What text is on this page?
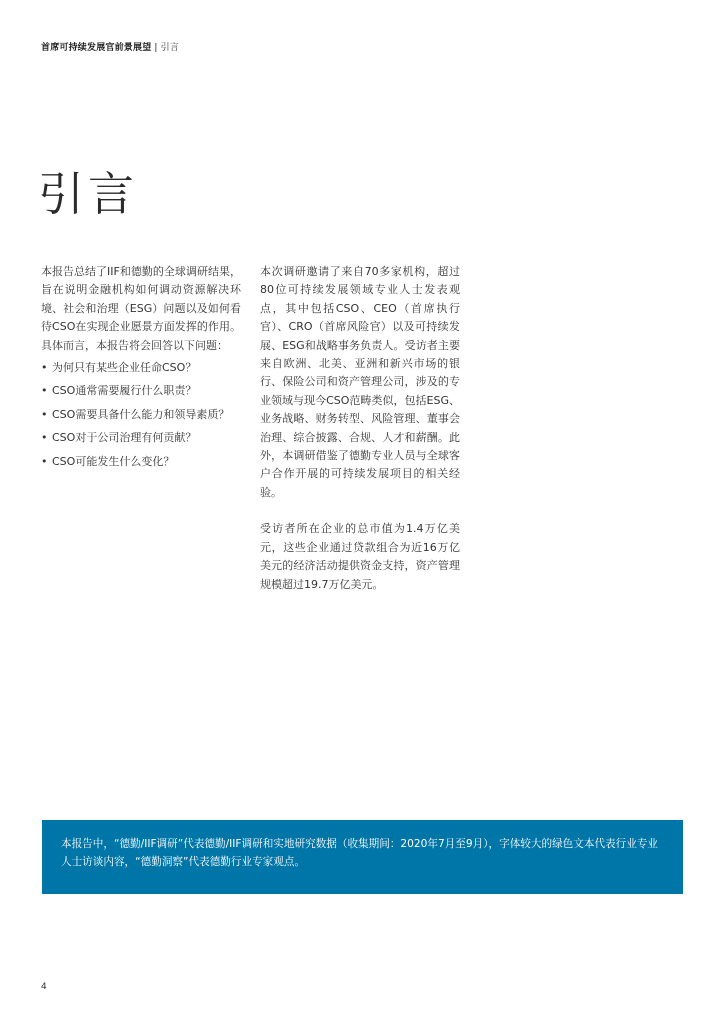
首席可持续发展官前景展望 | 引言
引言

本报告总结了IIF和德勤的全球调研结果，旨在说明金融机构如何调动资源解决环境、社会和治理（ESG）问题以及如何看待CSO在实现企业愿景方面发挥的作用。具体而言，本报告将会回答以下问题：

• 为何只有某些企业任命CSO？
• CSO通常需要履行什么职责？
• CSO需要具备什么能力和领导素质？
• CSO对于公司治理有何贡献？
• CSO可能发生什么变化？

本次调研邀请了来自70多家机构，超过80位可持续发展领域专业人士发表观点，其中包括CSO、CEO（首席执行官）、CRO（首席风险官）以及可持续发展、ESG和战略事务负责人。受访者主要来自欧洲、北美、亚洲和新兴市场的银行、保险公司和资产管理公司，涉及的专业领域与现今CSO范畴类似，包括ESG、业务战略、财务转型、风险管理、董事会治理、综合披露、合规、人才和薪酬。此外，本调研借鉴了德勤专业人员与全球客户合作开展的可持续发展项目的相关经验。

受访者所在企业的总市值为1.4万亿美元，这些企业通过贷款组合为近16万亿美元的经济活动提供资金支持，资产管理规模超过19.7万亿美元。

本报告中，“德勤/IIF调研”代表德勤/IIF调研和实地研究数据（收集期间：2020年7月至9月），字体较大的绿色文本代表行业专业人士访谈内容，“德勤洞察”代表德勤行业专家观点。

4
